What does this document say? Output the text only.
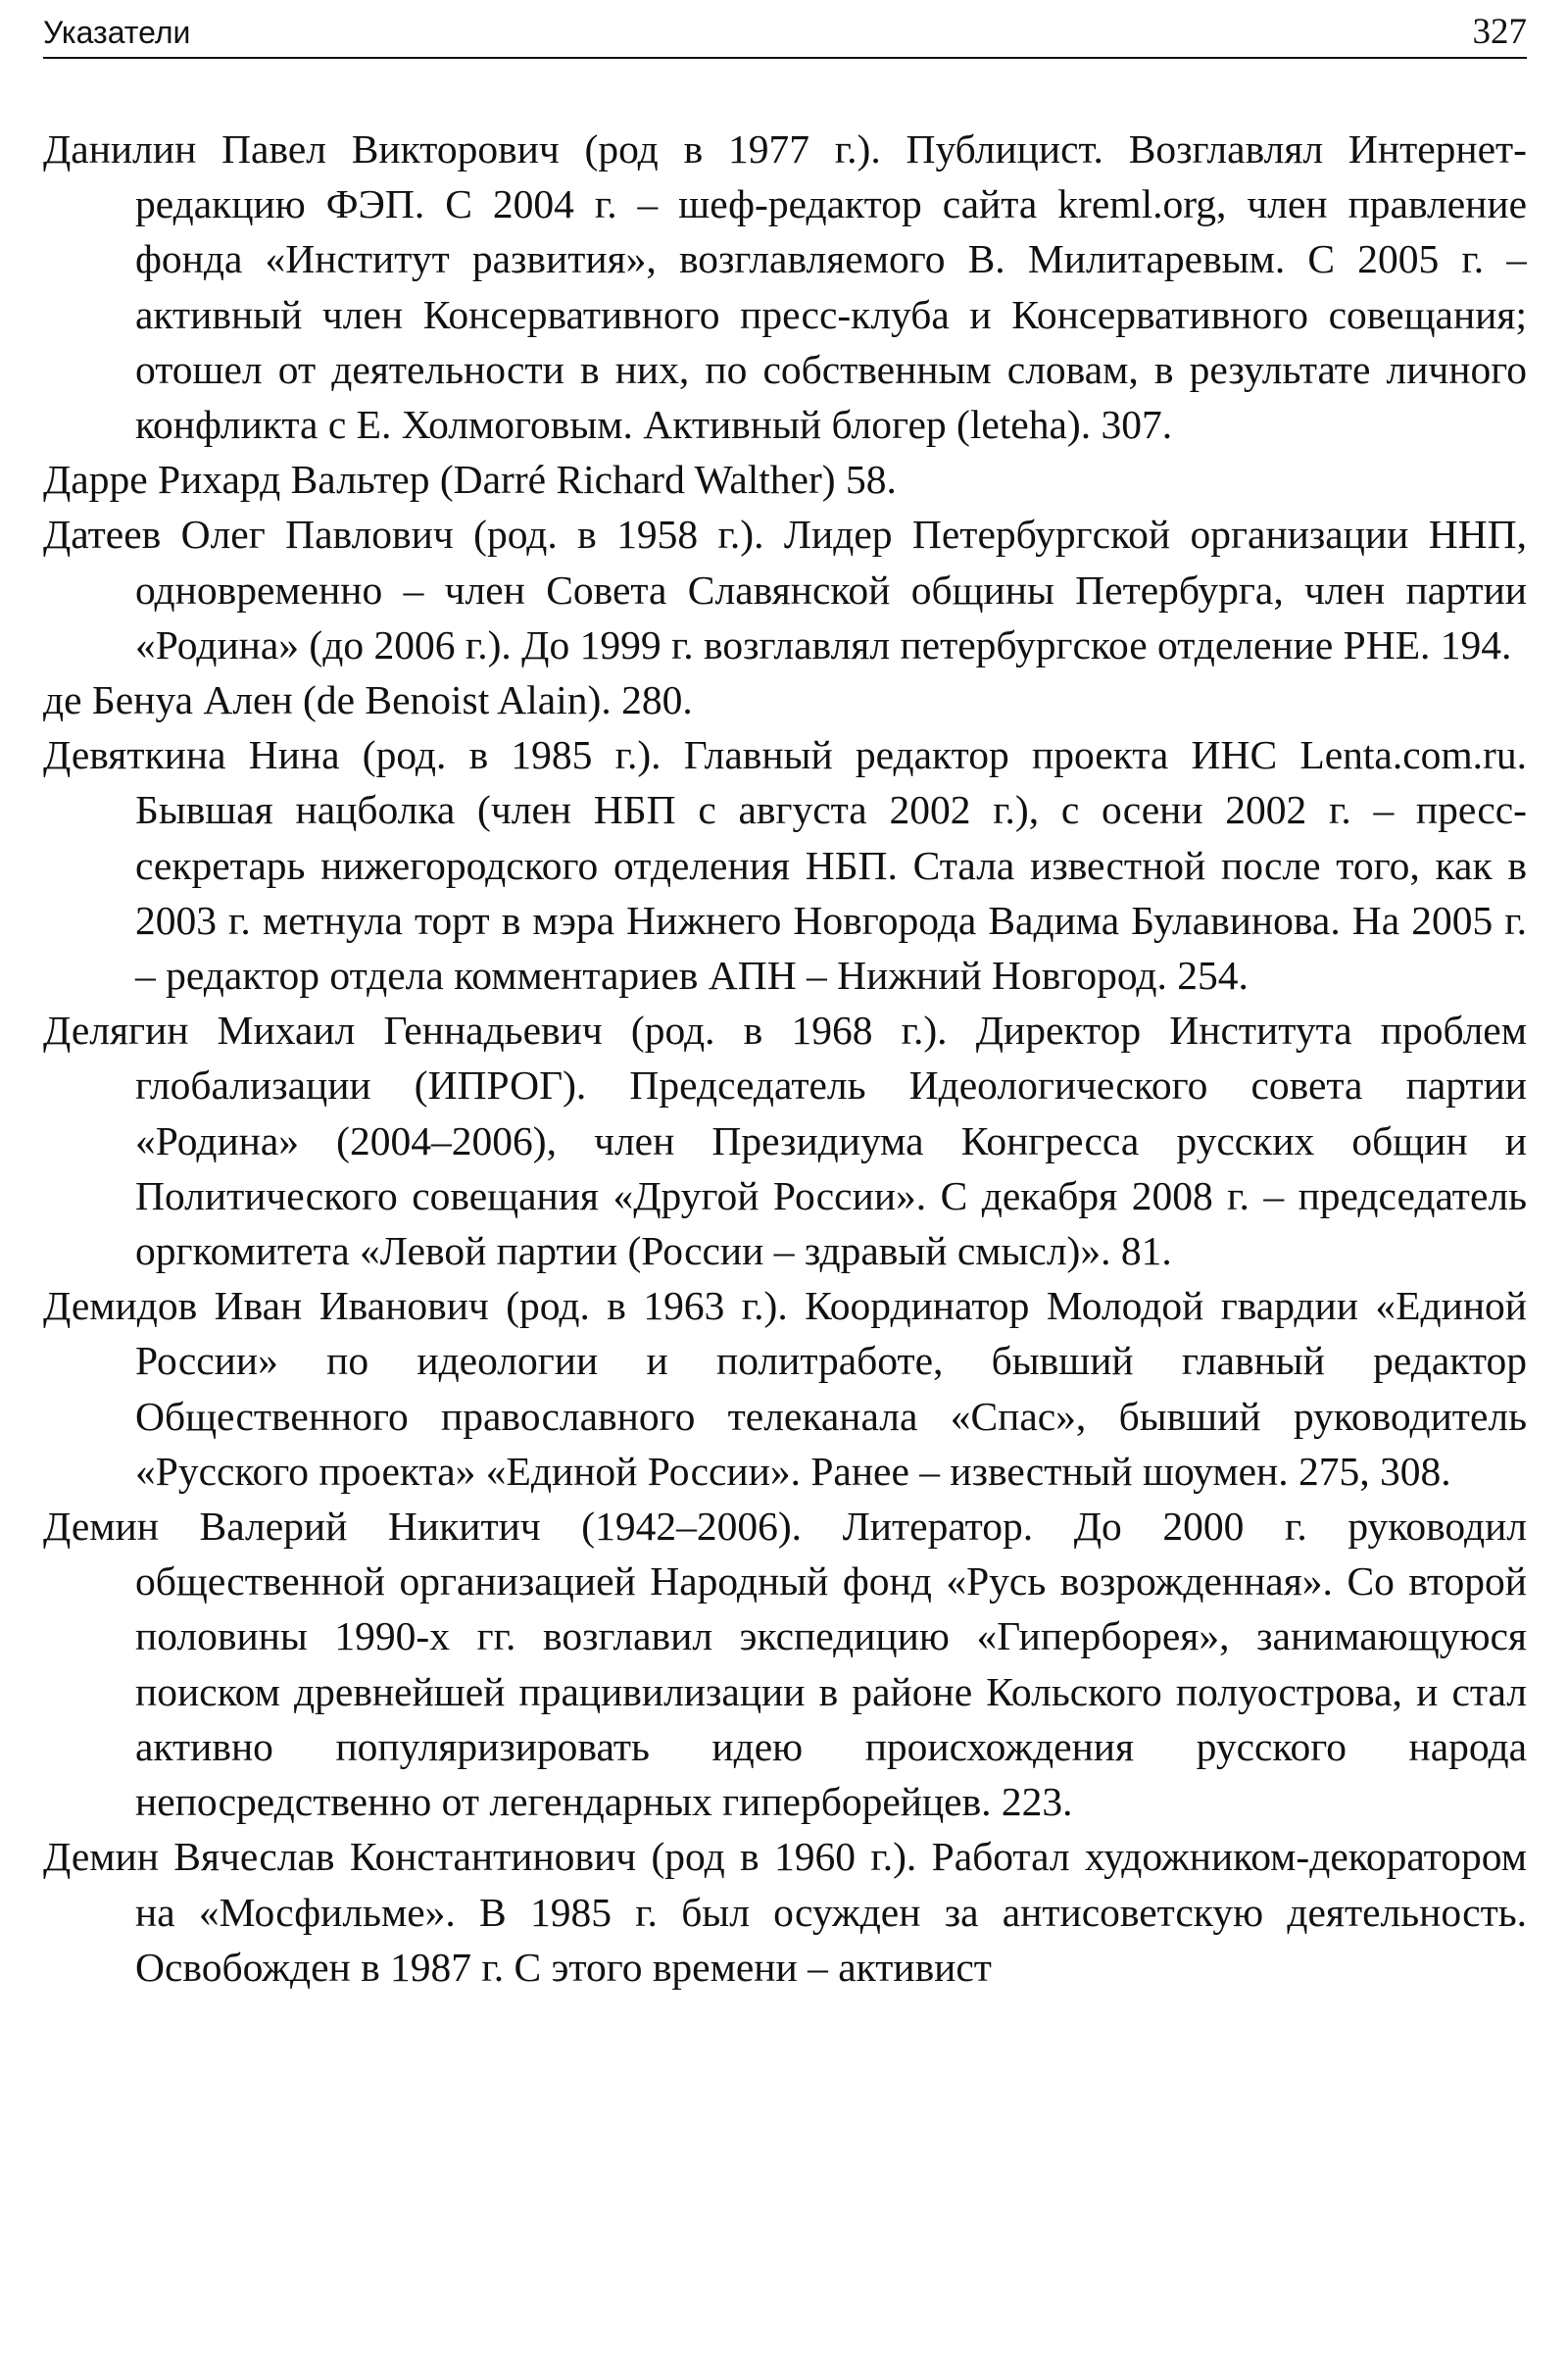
Указатели	327

Данилин Павел Викторович (род в 1977 г.). Публицист. Возглавлял Интернет-редакцию ФЭП. С 2004 г. – шеф-редактор сайта kreml.org, член правление фонда «Институт развития», возглавляемого В. Милитаревым. С 2005 г. – активный член Консервативного пресс-клуба и Консервативного совещания; отошел от деятельности в них, по собственным словам, в результате личного конфликта с Е. Холмоговым. Активный блогер (leteha). 307.

Дарре Рихард Вальтер (Darré Richard Walther) 58.

Датеев Олег Павлович (род. в 1958 г.). Лидер Петербургской организации ННП, одновременно – член Совета Славянской общины Петербурга, член партии «Родина» (до 2006 г.). До 1999 г. возглавлял петербургское отделение РНЕ. 194.

де Бенуа Ален (de Benoist Alain). 280.

Девяткина Нина (род. в 1985 г.). Главный редактор проекта ИНС Lenta.com.ru. Бывшая нацболка (член НБП с августа 2002 г.), с осени 2002 г. – пресс-секретарь нижегородского отделения НБП. Стала известной после того, как в 2003 г. метнула торт в мэра Нижнего Новгорода Вадима Булавинова. На 2005 г. – редактор отдела комментариев АПН – Нижний Новгород. 254.

Делягин Михаил Геннадьевич (род. в 1968 г.). Директор Института проблем глобализации (ИПРОГ). Председатель Идеологического совета партии «Родина» (2004–2006), член Президиума Конгресса русских общин и Политического совещания «Другой России». С декабря 2008 г. – председатель оргкомитета «Левой партии (России – здравый смысл)». 81.

Демидов Иван Иванович (род. в 1963 г.). Координатор Молодой гвардии «Единой России» по идеологии и политработе, бывший главный редактор Общественного православного телеканала «Спас», бывший руководитель «Русского проекта» «Единой России». Ранее – известный шоумен. 275, 308.

Демин Валерий Никитич (1942–2006). Литератор. До 2000 г. руководил общественной организацией Народный фонд «Русь возрожденная». Со второй половины 1990-х гг. возглавил экспедицию «Гиперборея», занимающуюся поиском древнейшей працивилизации в районе Кольского полуострова, и стал активно популяризировать идею происхождения русского народа непосредственно от легендарных гиперборейцев. 223.

Демин Вячеслав Константинович (род в 1960 г.). Работал художником-декоратором на «Мосфильме». В 1985 г. был осужден за антисоветскую деятельность. Освобожден в 1987 г. С этого времени – активист
